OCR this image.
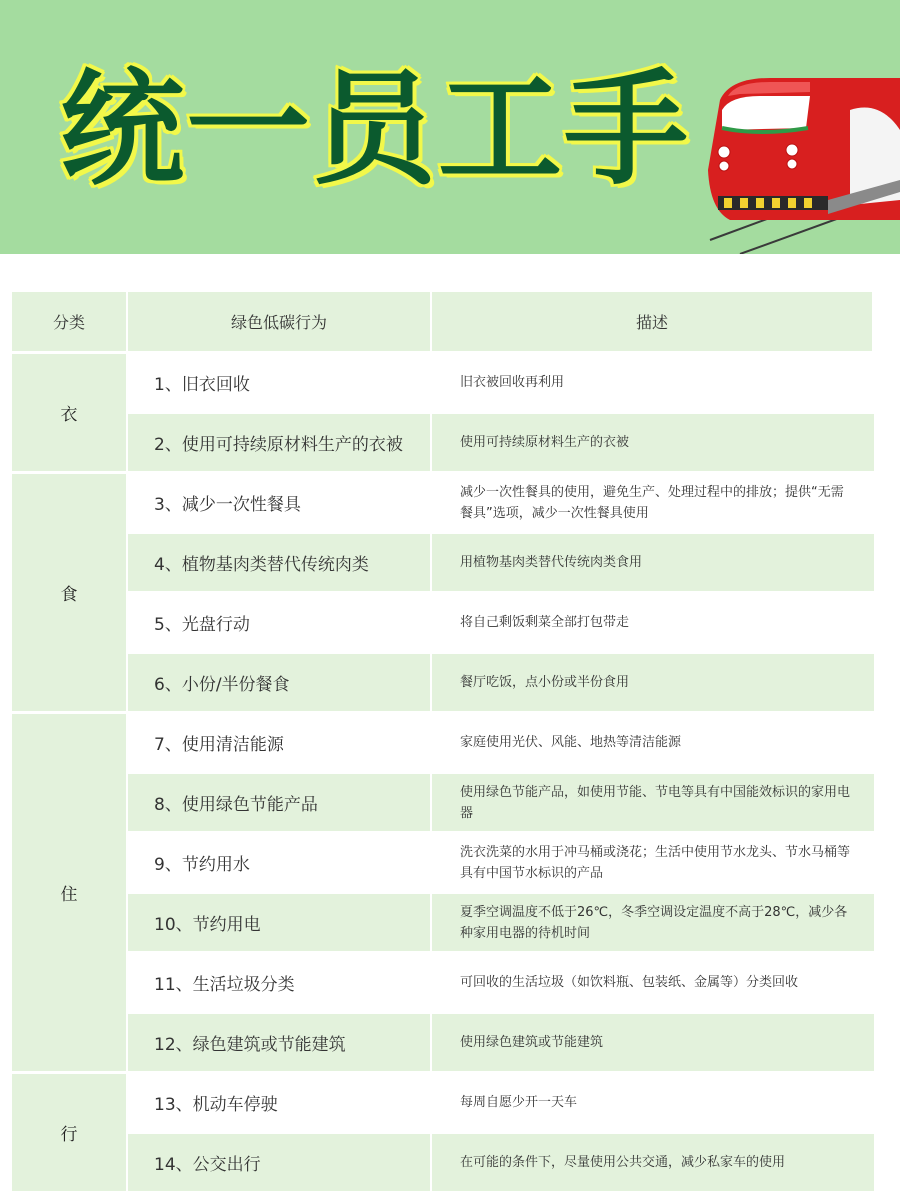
统一员工手
分类	绿色低碳行为	描述
衣	1、旧衣回收	旧衣被回收再利用
	2、使用可持续原材料生产的衣被	使用可持续原材料生产的衣被
食	3、减少一次性餐具	减少一次性餐具的使用，避免生产、处理过程中的排放；提供“无需餐具”选项，减少一次性餐具使用
	4、植物基肉类替代传统肉类	用植物基肉类替代传统肉类食用
	5、光盘行动	将自己剩饭剩菜全部打包带走
	6、小份/半份餐食	餐厅吃饭，点小份或半份食用
住	7、使用清洁能源	家庭使用光伏、风能、地热等清洁能源
	8、使用绿色节能产品	使用绿色节能产品，如使用节能、节电等具有中国能效标识的家用电器
	9、节约用水	洗衣洗菜的水用于冲马桶或浇花；生活中使用节水龙头、节水马桶等具有中国节水标识的产品
	10、节约用电	夏季空调温度不低于26℃，冬季空调设定温度不高于28℃，减少各种家用电器的待机时间
	11、生活垃圾分类	可回收的生活垃圾（如饮料瓶、包装纸、金属等）分类回收
	12、绿色建筑或节能建筑	使用绿色建筑或节能建筑
行	13、机动车停驶	每周自愿少开一天车
	14、公交出行	在可能的条件下，尽量使用公共交通，减少私家车的使用
